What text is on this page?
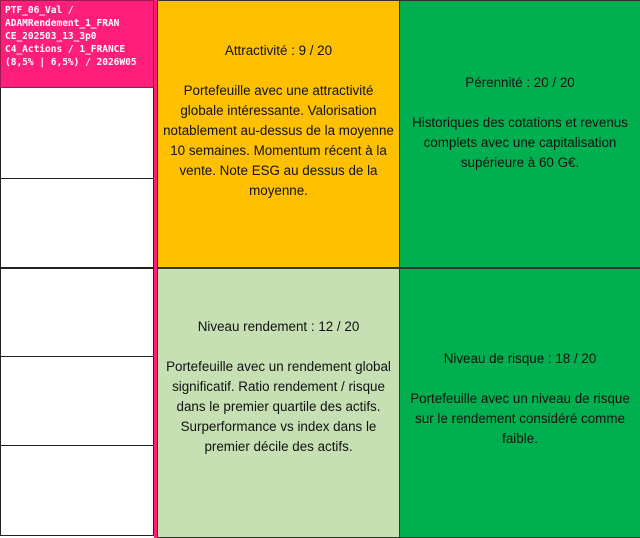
PTF_06_Val /
ADAMRendement_1_FRAN
CE_202503_13_3p0
C4_Actions / 1_FRANCE
(8,5% | 6,5%) / 2026W05
Attractivité : 9 / 20
Portefeuille avec une attractivité globale intéressante. Valorisation notablement au-dessus de la moyenne 10 semaines. Momentum récent à la vente. Note ESG au dessus de la moyenne.
Pérennité : 20 / 20
Historiques des cotations et revenus complets avec une capitalisation supérieure à 60 G€.
Niveau rendement : 12 / 20
Portefeuille avec un rendement global significatif. Ratio rendement / risque dans le premier quartile des actifs. Surperformance vs index dans le premier décile des actifs.
Niveau de risque : 18 / 20
Portefeuille avec un niveau de risque sur le rendement considéré comme faible.
